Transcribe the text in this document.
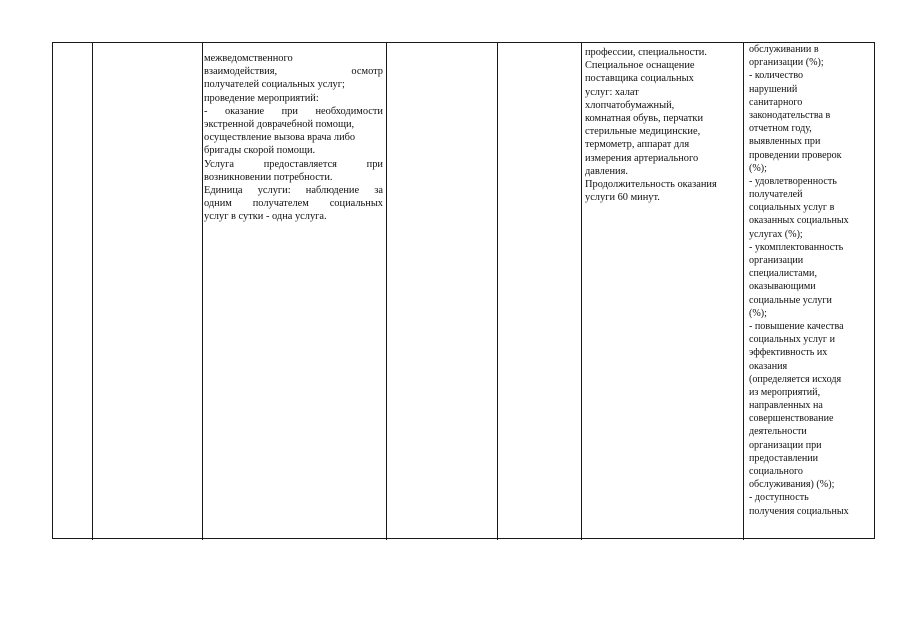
межведомственного
взаимодействия, осмотр
получателей социальных услуг;
проведение мероприятий:
- оказание при необходимости
экстренной доврачебной помощи,
осуществление вызова врача либо
бригады скорой помощи.
Услуга предоставляется при
возникновении потребности.
Единица услуги: наблюдение за
одним получателем социальных
услуг в сутки - одна услуга.
профессии, специальности.
Специальное оснащение
поставщика социальных
услуг: халат
хлопчатобумажный,
комнатная обувь, перчатки
стерильные медицинские,
термометр, аппарат для
измерения артериального
давления.
Продолжительность оказания
услуги 60 минут.
обслуживании в
организации (%);
- количество
нарушений
санитарного
законодательства в
отчетном году,
выявленных при
проведении проверок
(%);
- удовлетворенность
получателей
социальных услуг в
оказанных социальных
услугах (%);
- укомплектованность
организации
специалистами,
оказывающими
социальные услуги
(%);
- повышение качества
социальных услуг и
эффективность их
оказания
(определяется исходя
из мероприятий,
направленных на
совершенствование
деятельности
организации при
предоставлении
социального
обслуживания) (%);
- доступность
получения социальных
